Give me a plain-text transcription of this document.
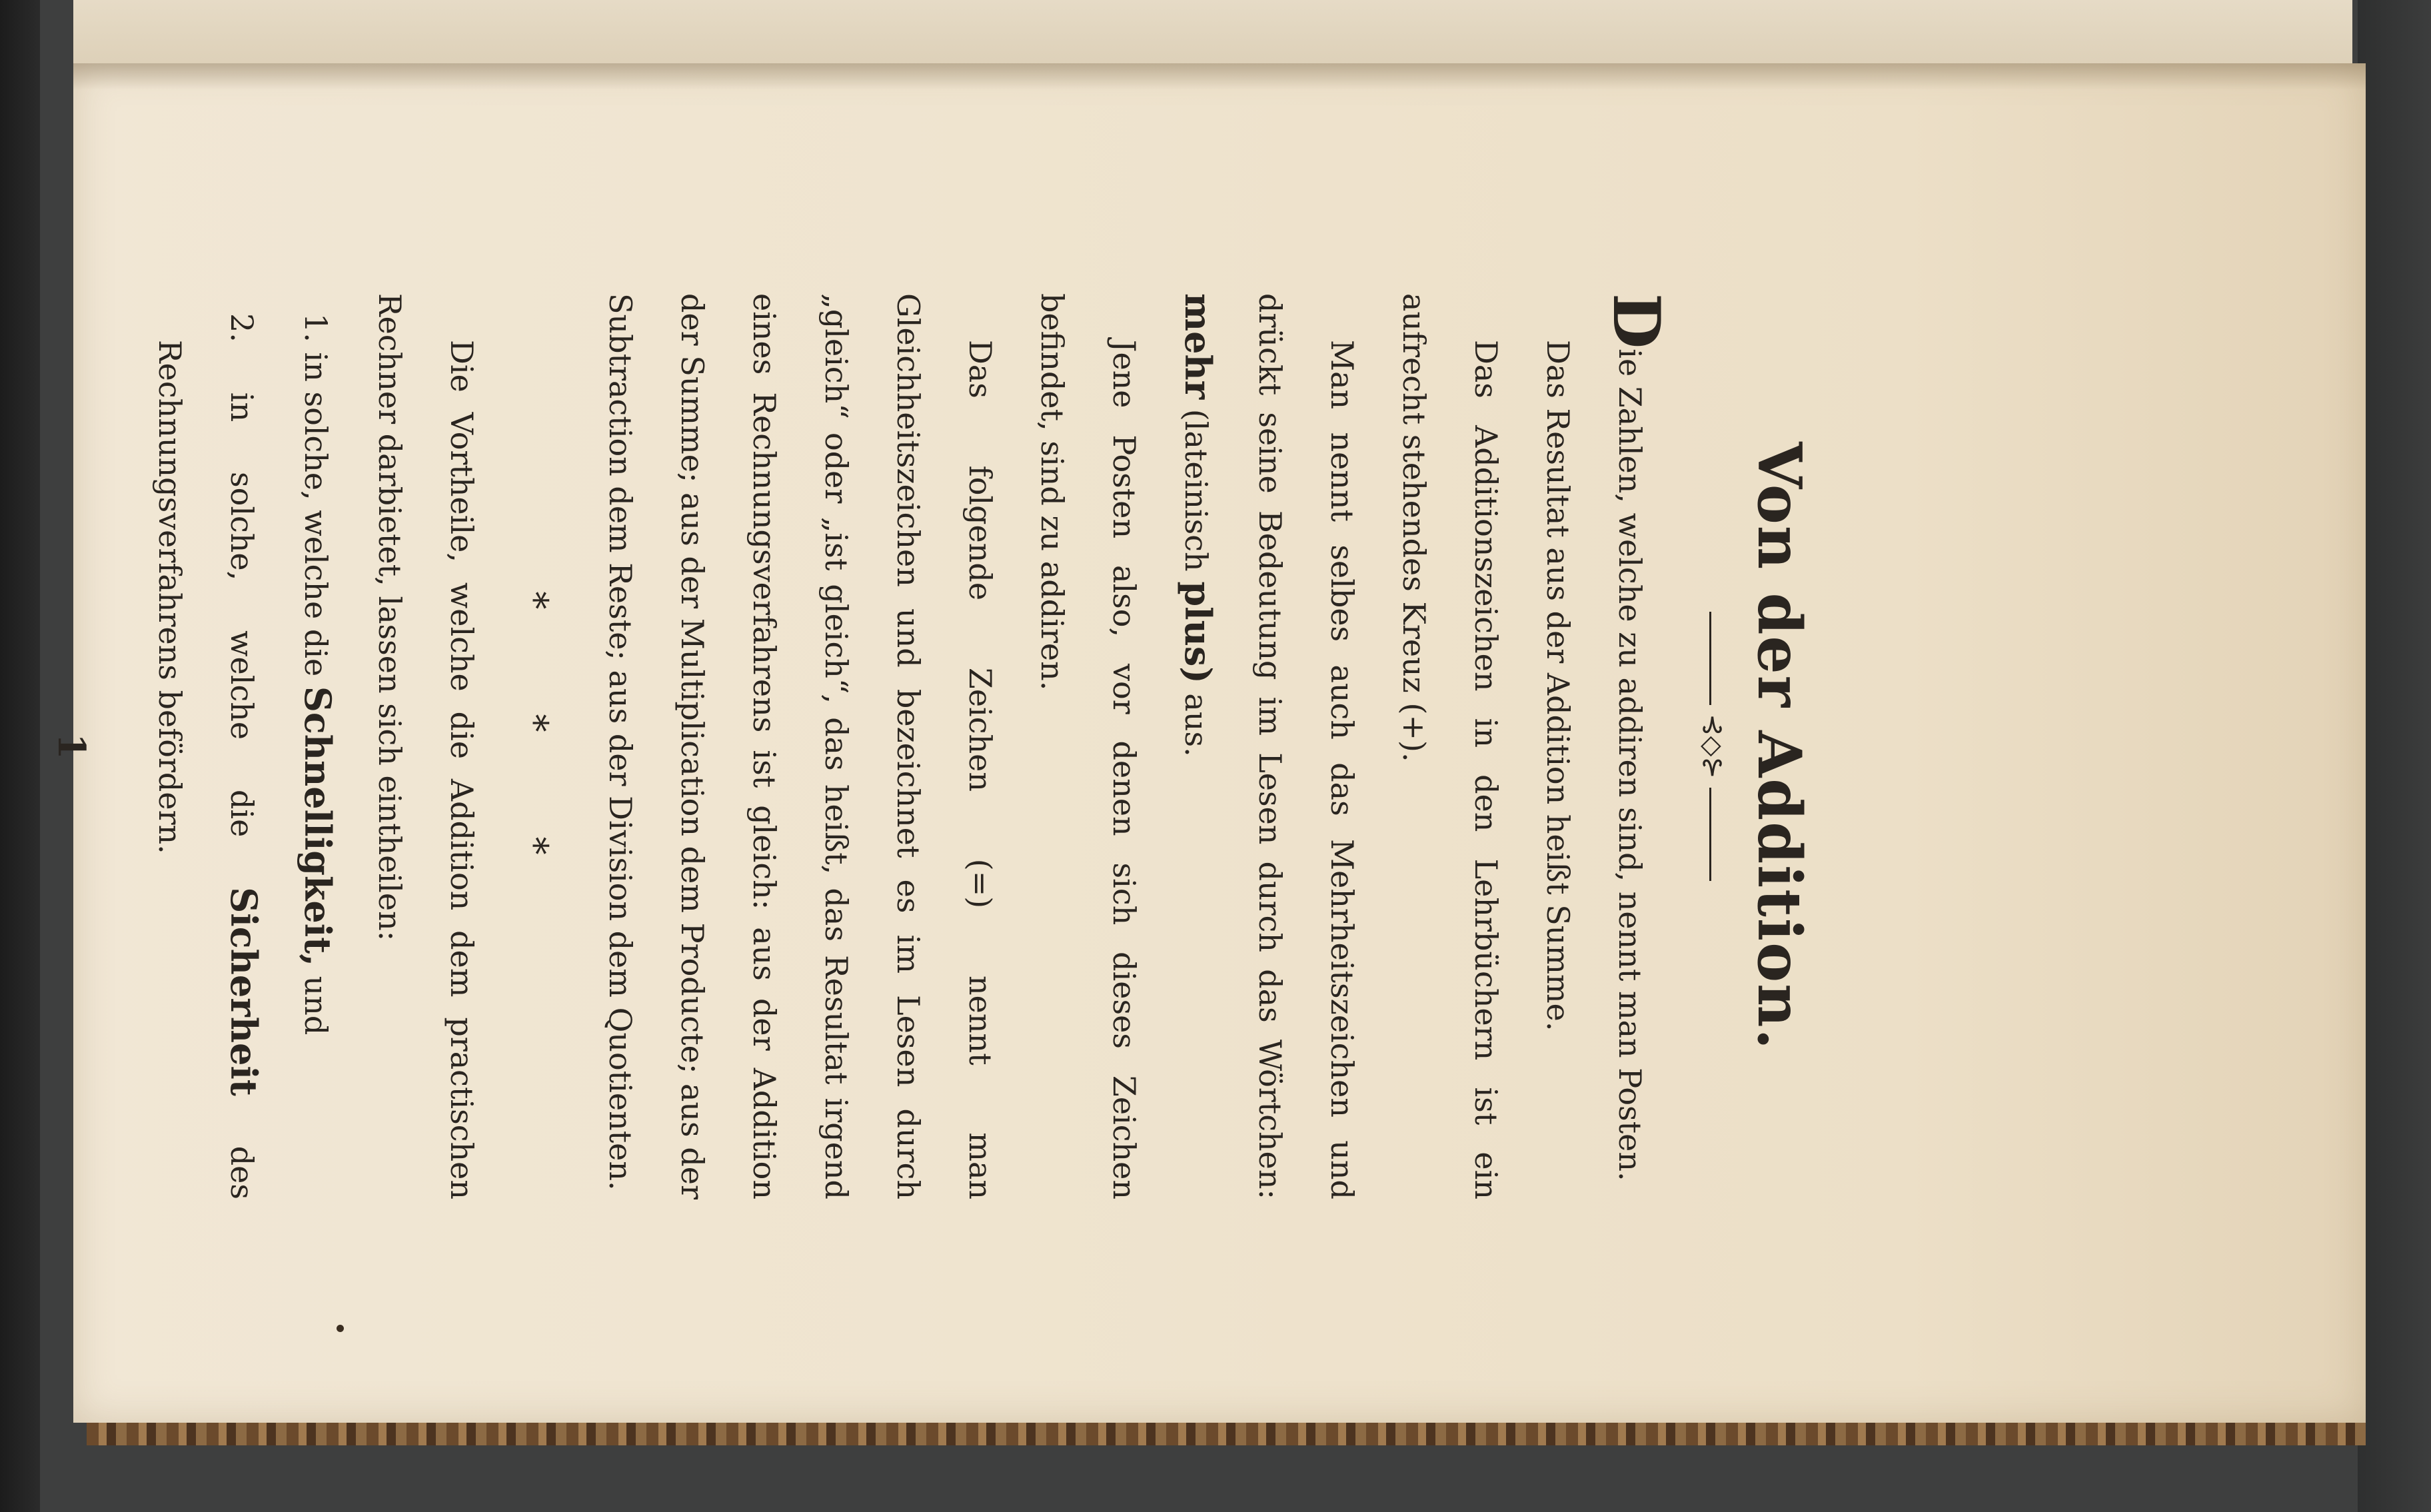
Von der Addition.
⊰◇⊱

Die Zahlen, welche zu addiren sind, nennt man Posten.

Das Resultat aus der Addition heißt Summe.

Das Additionszeichen in den Lehrbüchern ist ein aufrecht stehendes Kreuz (+).

Man nennt selbes auch das Mehrheitszeichen und drückt seine Bedeutung im Lesen durch das Wörtchen: mehr (lateinisch plus) aus.

Jene Posten also, vor denen sich dieses Zeichen befindet, sind zu addiren.

Das folgende Zeichen (=) nennt man Gleichheitszeichen und bezeichnet es im Lesen durch „gleich“ oder „ist gleich“, das heißt, das Resultat irgend eines Rechnungsverfahrens ist gleich: aus der Addition der Summe; aus der Multiplication dem Producte; aus der Subtraction dem Reste; aus der Division dem Quotienten.

* * *

Die Vortheile, welche die Addition dem practischen Rechner darbietet, lassen sich eintheilen:

1. in solche, welche die Schnelligkeit, und

2. in solche, welche die Sicherheit des Rechnungsverfahrens befördern.

1
